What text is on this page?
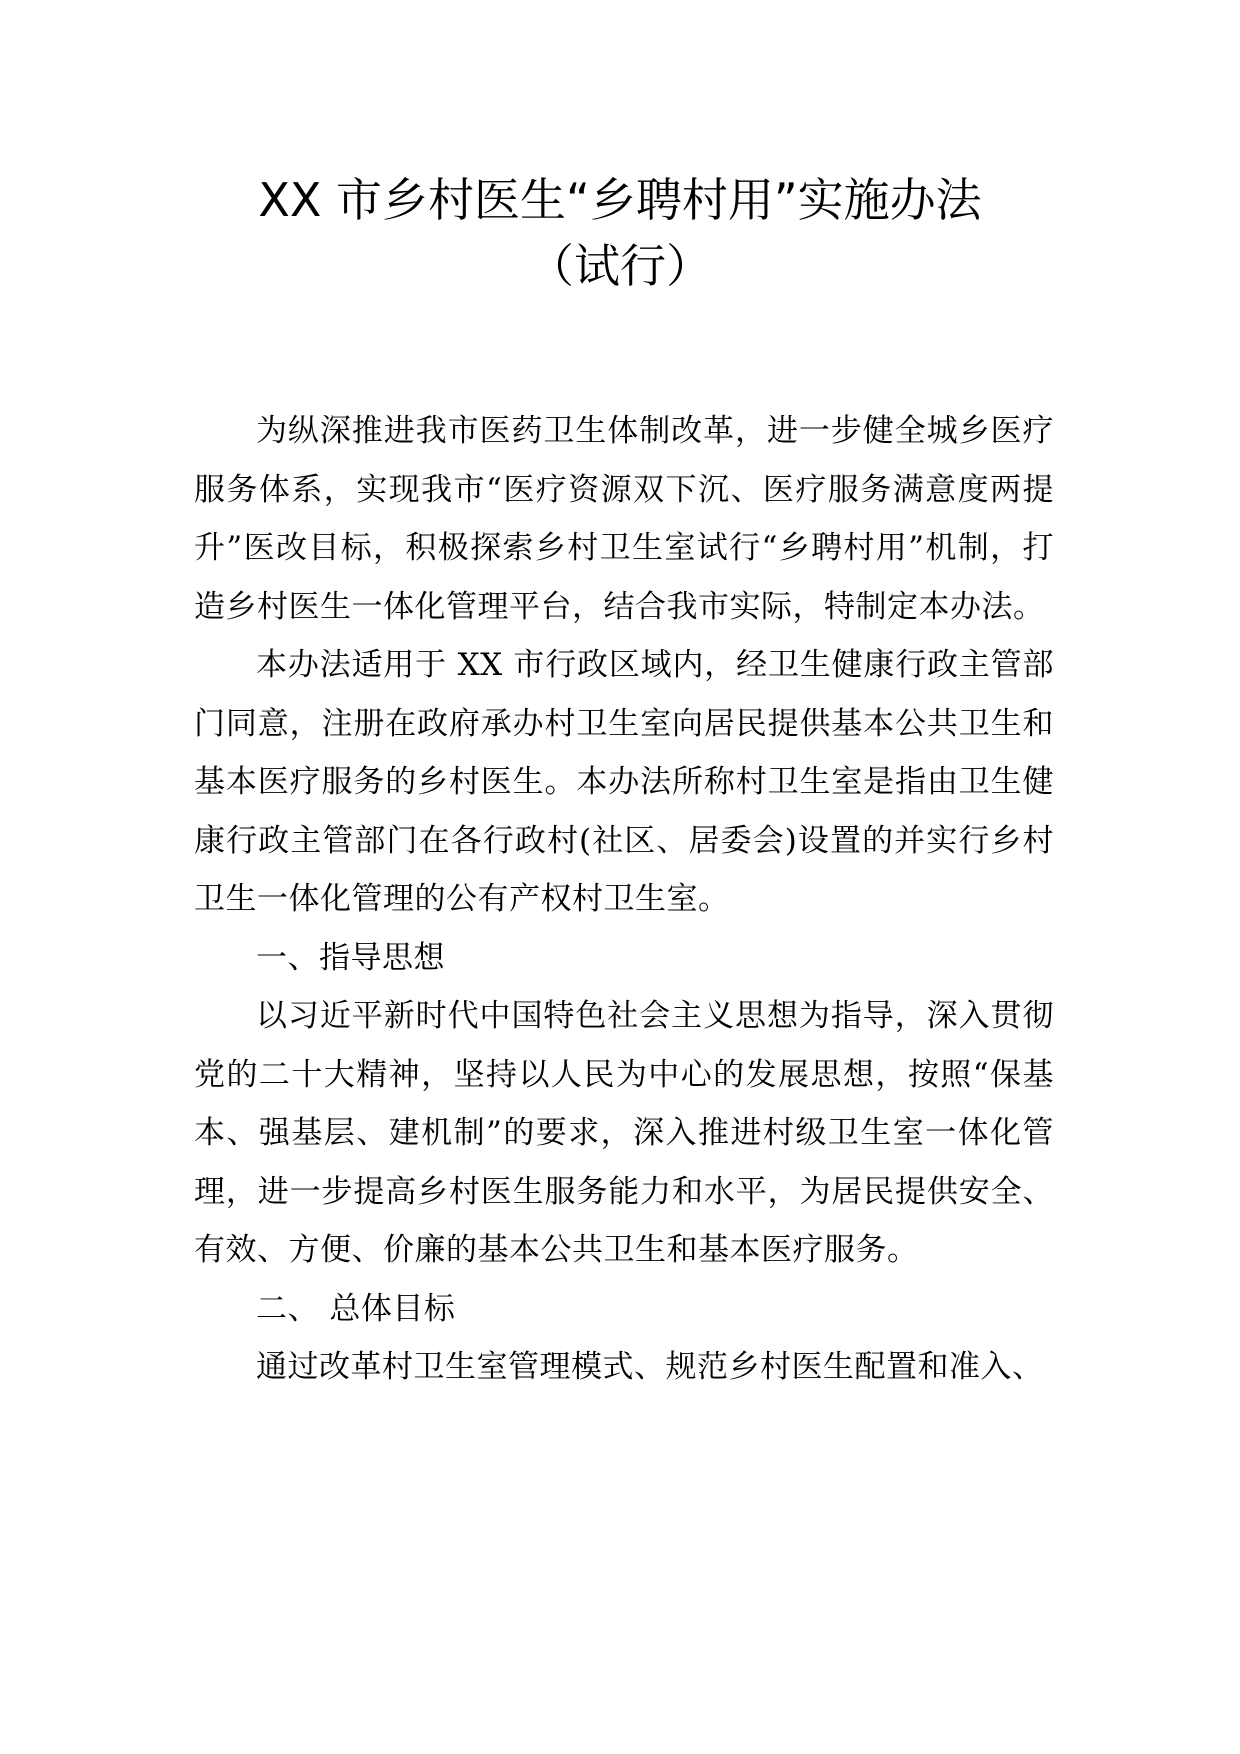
XX 市乡村医生“乡聘村用”实施办法
（试行）

为纵深推进我市医药卫生体制改革，进一步健全城乡医疗服务体系，实现我市“医疗资源双下沉、医疗服务满意度两提升”医改目标，积极探索乡村卫生室试行“乡聘村用”机制，打造乡村医生一体化管理平台，结合我市实际，特制定本办法。

本办法适用于 XX 市行政区域内，经卫生健康行政主管部门同意，注册在政府承办村卫生室向居民提供基本公共卫生和基本医疗服务的乡村医生。本办法所称村卫生室是指由卫生健康行政主管部门在各行政村(社区、居委会)设置的并实行乡村卫生一体化管理的公有产权村卫生室。

一、指导思想

以习近平新时代中国特色社会主义思想为指导，深入贯彻党的二十大精神，坚持以人民为中心的发展思想，按照“保基本、强基层、建机制”的要求，深入推进村级卫生室一体化管理，进一步提高乡村医生服务能力和水平，为居民提供安全、有效、方便、价廉的基本公共卫生和基本医疗服务。

二、 总体目标

通过改革村卫生室管理模式、规范乡村医生配置和准入、
